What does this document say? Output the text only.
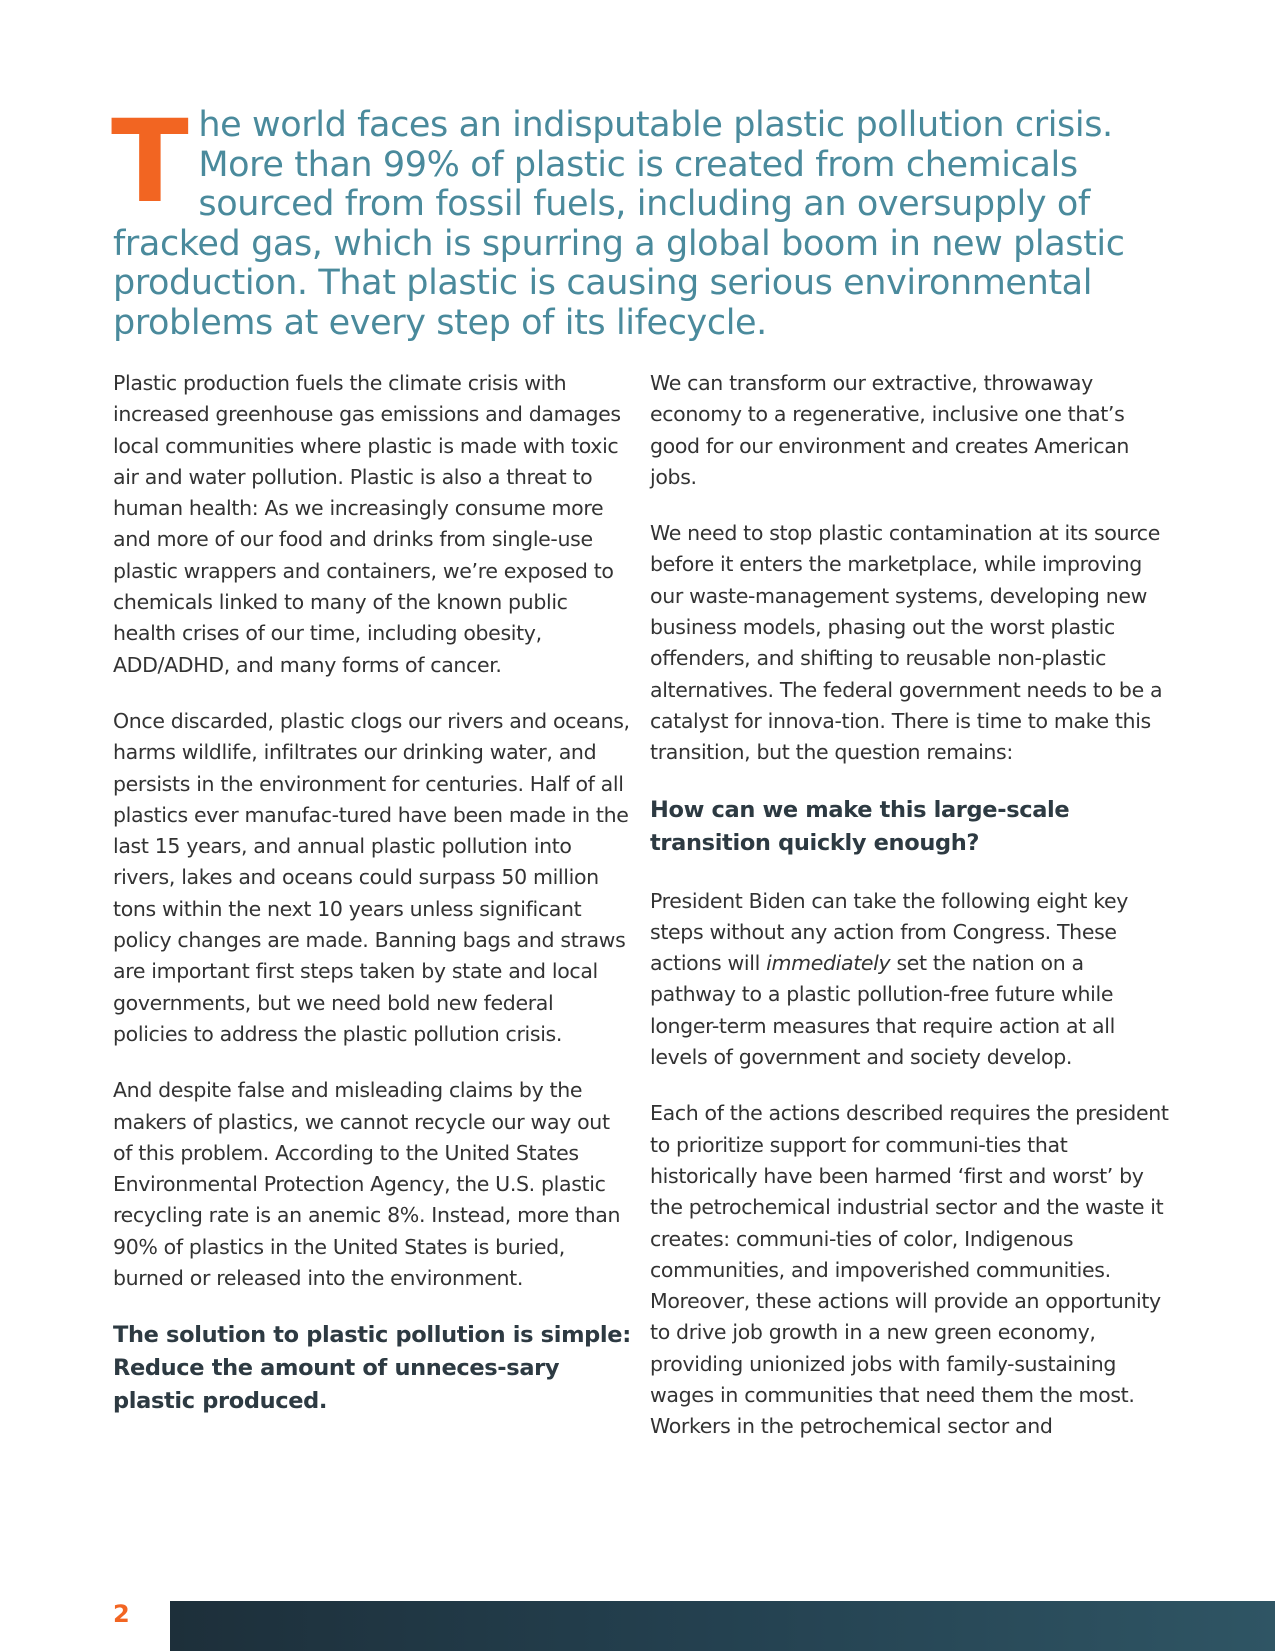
The world faces an indisputable plastic pollution crisis. More than 99% of plastic is created from chemicals sourced from fossil fuels, including an oversupply of fracked gas, which is spurring a global boom in new plastic production. That plastic is causing serious environmental problems at every step of its lifecycle.

Plastic production fuels the climate crisis with increased greenhouse gas emissions and damages local communities where plastic is made with toxic air and water pollution. Plastic is also a threat to human health: As we increasingly consume more and more of our food and drinks from single-use plastic wrappers and containers, we’re exposed to chemicals linked to many of the known public health crises of our time, including obesity, ADD/ADHD, and many forms of cancer.

Once discarded, plastic clogs our rivers and oceans, harms wildlife, infiltrates our drinking water, and persists in the environment for centuries. Half of all plastics ever manufac-tured have been made in the last 15 years, and annual plastic pollution into rivers, lakes and oceans could surpass 50 million tons within the next 10 years unless significant policy changes are made. Banning bags and straws are important first steps taken by state and local governments, but we need bold new federal policies to address the plastic pollution crisis.

And despite false and misleading claims by the makers of plastics, we cannot recycle our way out of this problem. According to the United States Environmental Protection Agency, the U.S. plastic recycling rate is an anemic 8%. Instead, more than 90% of plastics in the United States is buried, burned or released into the environment.

The solution to plastic pollution is simple: Reduce the amount of unneces-sary plastic produced.

We can transform our extractive, throwaway economy to a regenerative, inclusive one that’s good for our environment and creates American jobs.

We need to stop plastic contamination at its source before it enters the marketplace, while improving our waste-management systems, developing new business models, phasing out the worst plastic offenders, and shifting to reusable non-plastic alternatives. The federal government needs to be a catalyst for innova-tion. There is time to make this transition, but the question remains:

How can we make this large-scale transition quickly enough?

President Biden can take the following eight key steps without any action from Congress. These actions will immediately set the nation on a pathway to a plastic pollution-free future while longer-term measures that require action at all levels of government and society develop.

Each of the actions described requires the president to prioritize support for communi-ties that historically have been harmed ‘first and worst’ by the petrochemical industrial sector and the waste it creates: communi-ties of color, Indigenous communities, and impoverished communities. Moreover, these actions will provide an opportunity to drive job growth in a new green economy, providing unionized jobs with family-sustaining wages in communities that need them the most. Workers in the petrochemical sector and

2
